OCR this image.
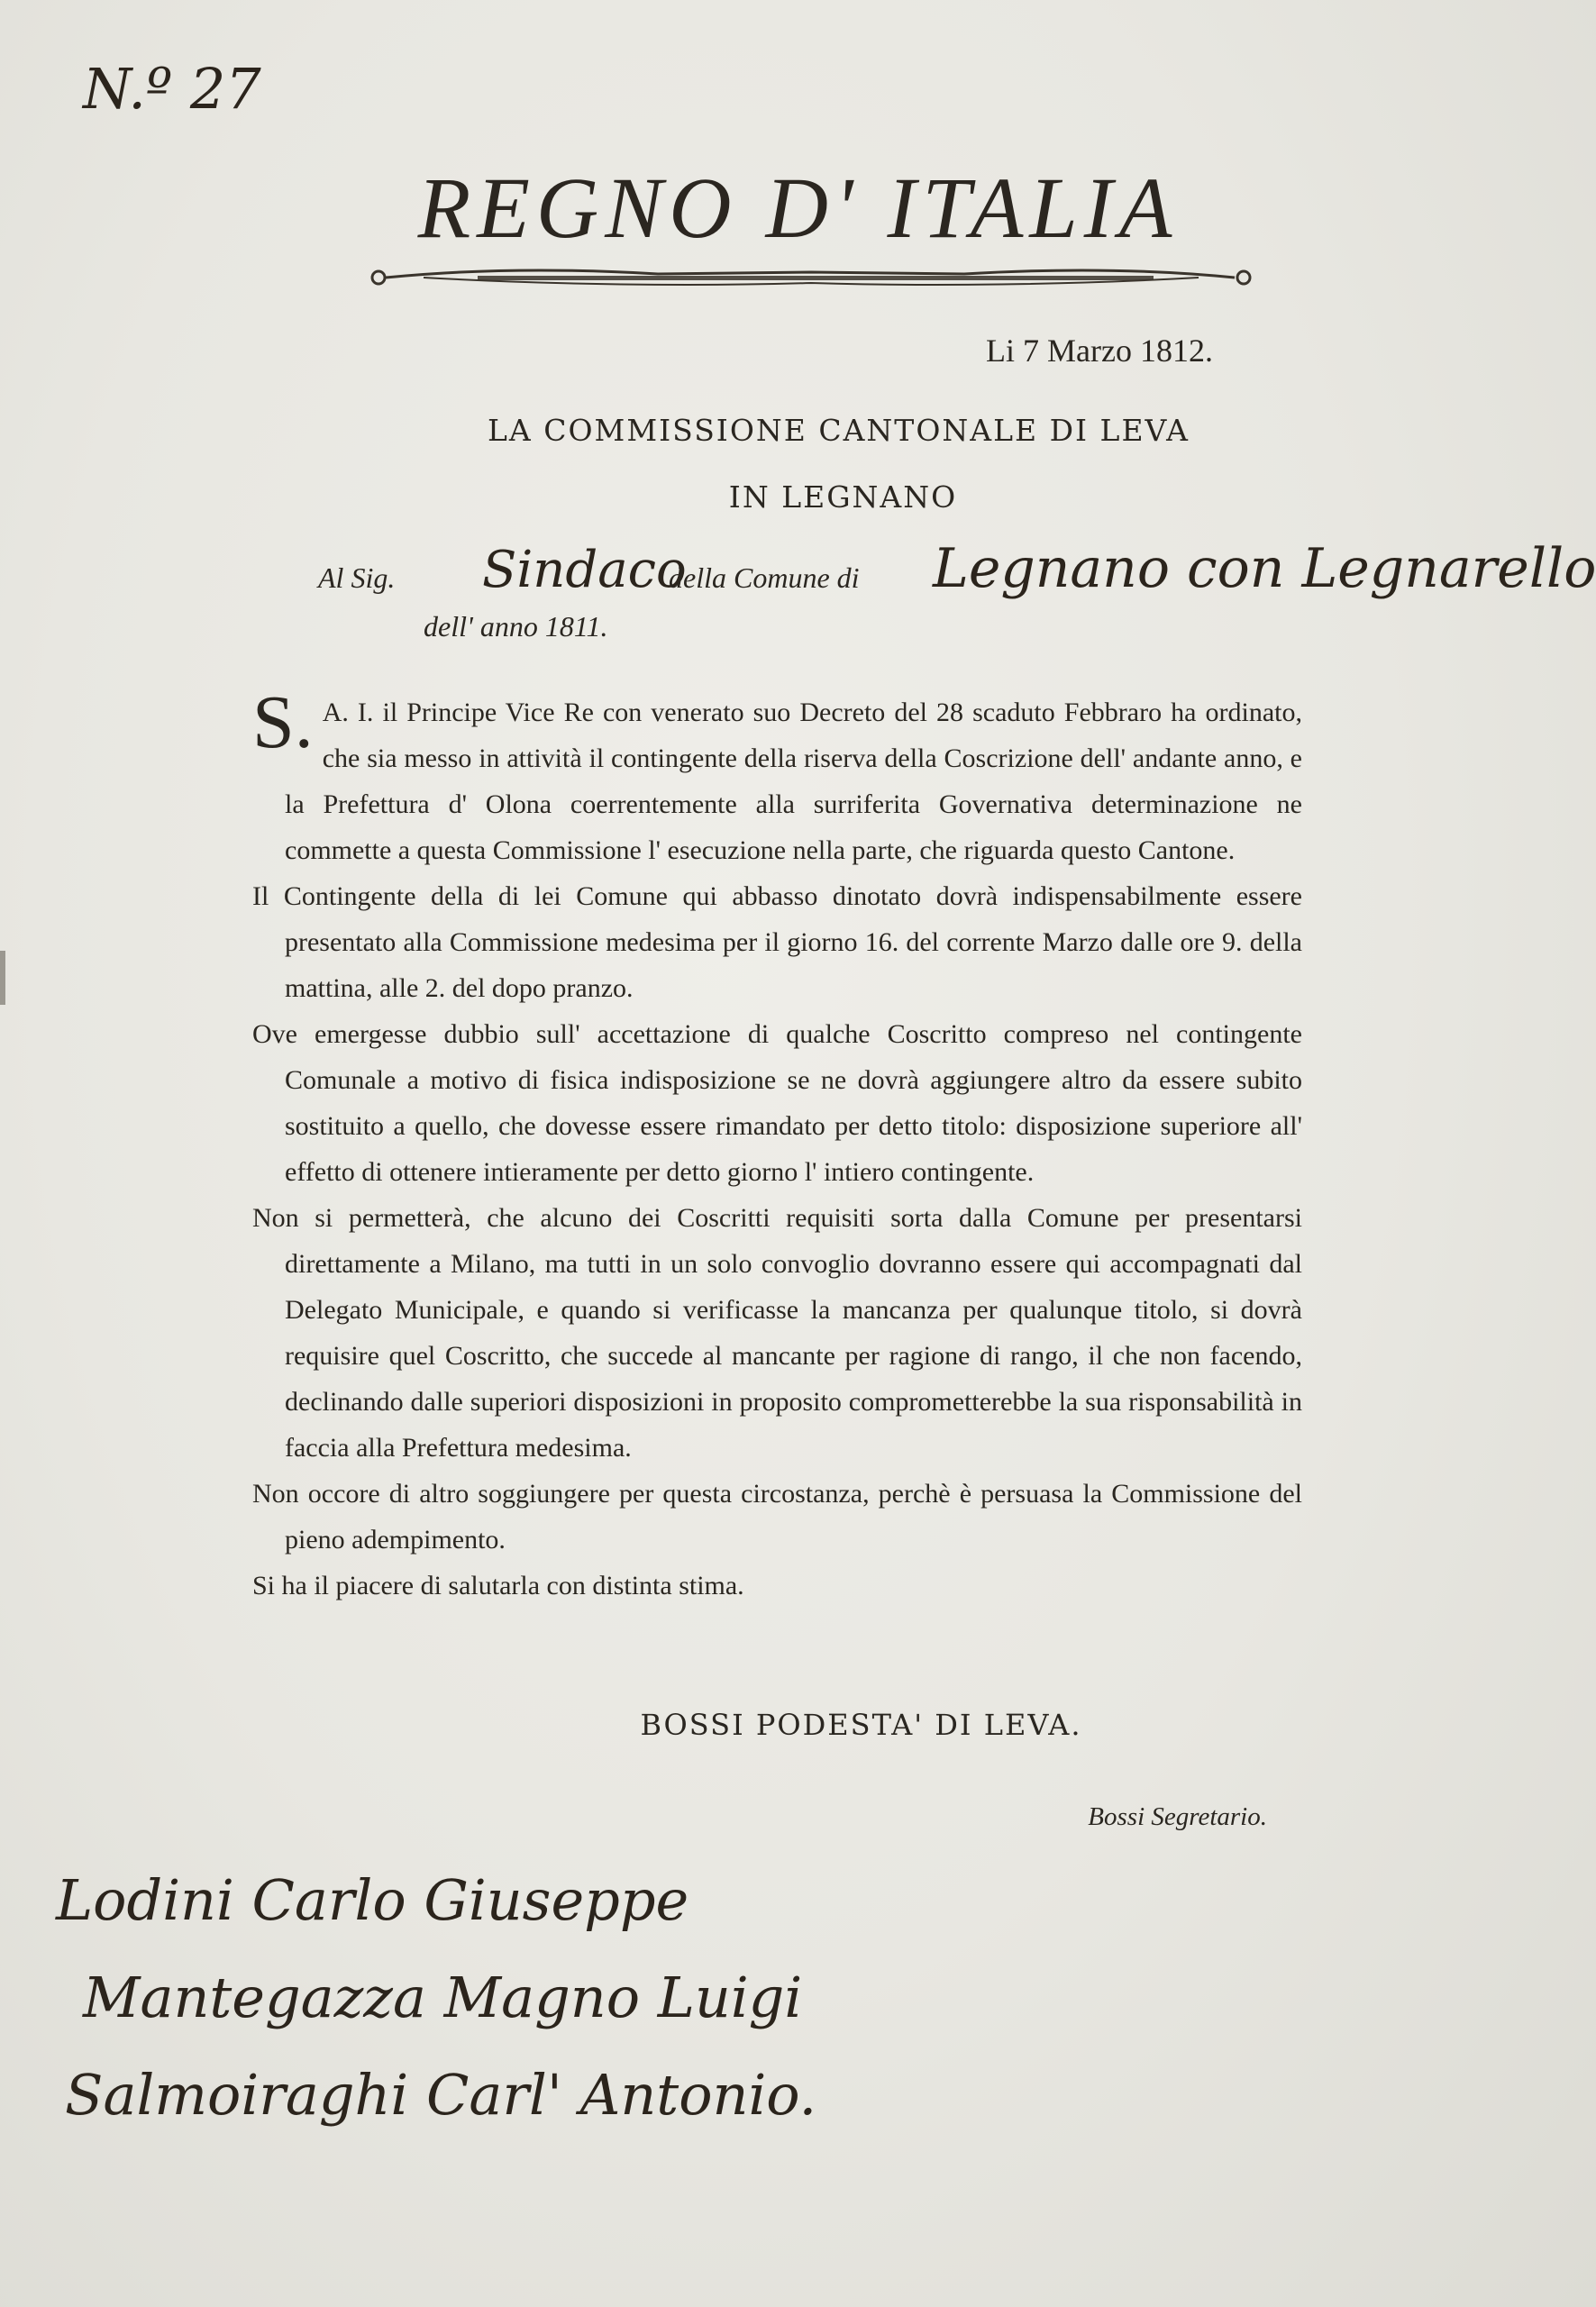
N.º 27
REGNO D' ITALIA
Li 7 Marzo 1812.
LA COMMISSIONE CANTONALE DI LEVA
IN LEGNANO
Al Sig. Sindaco
della Comune di Legnano con Legnarello
dell' anno 1811.

S.A. I. il Principe Vice Re con venerato suo Decreto del 28 scaduto Febbraro ha ordinato, che sia messo in attività il contingente della riserva della Coscrizione dell' andante anno, e la Prefettura d' Olona coerrentemente alla surriferita Governativa determinazione ne commette a questa Commissione l' esecuzione nella parte, che riguarda questo Cantone.

Il Contingente della di lei Comune qui abbasso dinotato dovrà indispensabilmente essere presentato alla Commissione medesima per il giorno 16. del corrente Marzo dalle ore 9. della mattina, alle 2. del dopo pranzo.

Ove emergesse dubbio sull' accettazione di qualche Coscritto compreso nel contingente Comunale a motivo di fisica indisposizione se ne dovrà aggiungere altro da essere subito sostituito a quello, che dovesse essere rimandato per detto titolo: disposizione superiore all' effetto di ottenere intieramente per detto giorno l' intiero contingente.

Non si permetterà, che alcuno dei Coscritti requisiti sorta dalla Comune per presentarsi direttamente a Milano, ma tutti in un solo convoglio dovranno essere qui accompagnati dal Delegato Municipale, e quando si verificasse la mancanza per qualunque titolo, si dovrà requisire quel Coscritto, che succede al mancante per ragione di rango, il che non facendo, declinando dalle superiori disposizioni in proposito comprometterebbe la sua risponsabilità in faccia alla Prefettura medesima.

Non occore di altro soggiungere per questa circostanza, perchè è persuasa la Commissione del pieno adempimento.

Si ha il piacere di salutarla con distinta stima.

BOSSI PODESTA' DI LEVA.
Bossi Segretario.
Lodini Carlo Giuseppe
Mantegazza Magno Luigi
Salmoiraghi Carl' Antonio.
